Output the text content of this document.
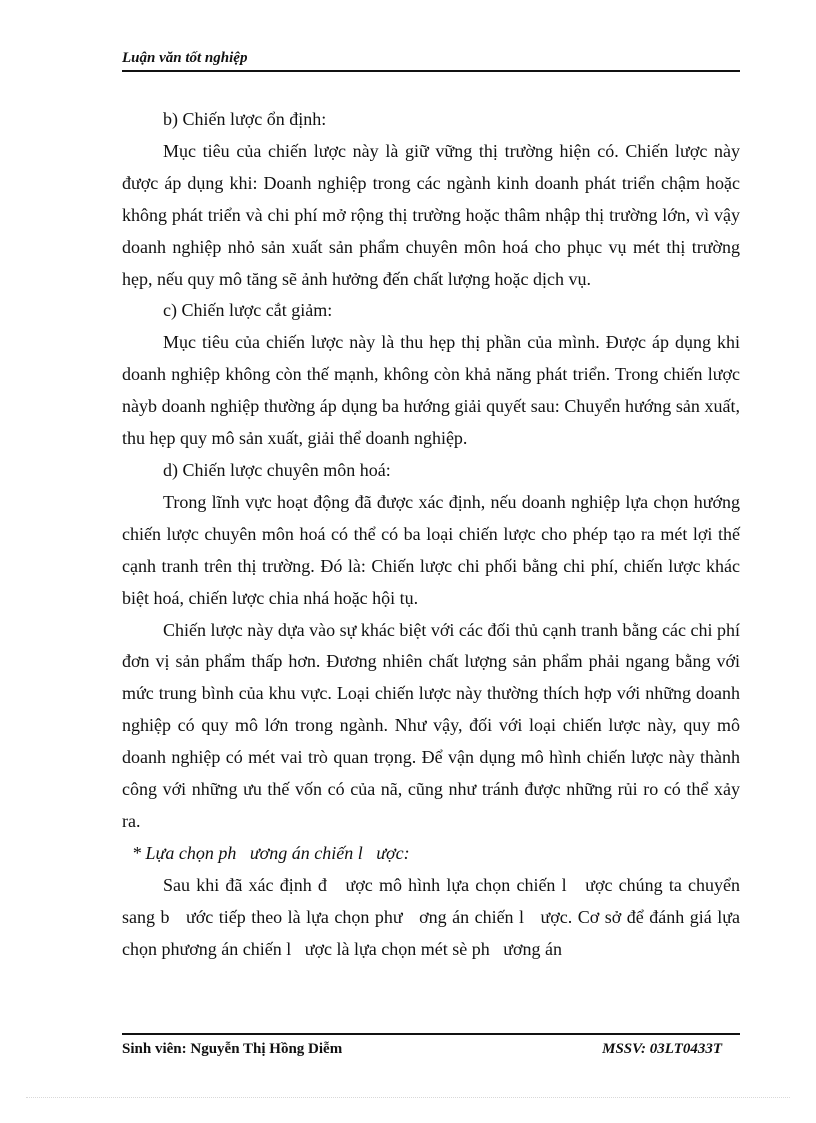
Luận văn tốt nghiệp

b) Chiến lược ổn định:

Mục tiêu của chiến lược này là giữ vững thị trường hiện có. Chiến lược này được áp dụng khi: Doanh nghiệp trong các ngành kinh doanh phát triển chậm hoặc không phát triển và chi phí mở rộng thị trường hoặc thâm nhập thị trường lớn, vì vậy doanh nghiệp nhỏ sản xuất sản phẩm chuyên môn hoá cho phục vụ mét thị trường hẹp, nếu quy mô tăng sẽ ảnh hưởng đến chất lượng hoặc dịch vụ.

c) Chiến lược cắt giảm:

Mục tiêu của chiến lược này là thu hẹp thị phần của mình. Được áp dụng khi doanh nghiệp không còn thế mạnh, không còn khả năng phát triển. Trong chiến lược nàyb doanh nghiệp thường áp dụng ba hướng giải quyết sau: Chuyển hướng sản xuất, thu hẹp quy mô sản xuất, giải thể doanh nghiệp.

d) Chiến lược chuyên môn hoá:

Trong lĩnh vực hoạt động đã được xác định, nếu doanh nghiệp lựa chọn hướng chiến lược chuyên môn hoá có thể có ba loại chiến lược cho phép tạo ra mét lợi thế cạnh tranh trên thị trường. Đó là: Chiến lược chi phối bằng chi phí, chiến lược khác biệt hoá, chiến lược chia nhá hoặc hội tụ.

Chiến lược này dựa vào sự khác biệt với các đối thủ cạnh tranh bằng các chi phí đơn vị sản phẩm thấp hơn. Đương nhiên chất lượng sản phẩm phải ngang bằng với mức trung bình của khu vực. Loại chiến lược này thường thích hợp với những doanh nghiệp có quy mô lớn trong ngành. Như vậy, đối với loại chiến lược này, quy mô doanh nghiệp có mét vai trò quan trọng. Để vận dụng mô hình chiến lược này thành công với những ưu thế vốn có của nã, cũng như tránh được những rủi ro có thể xảy ra.

* Lựa chọn ph   ương án chiến l   ược:

Sau khi đã xác định đ   ược mô hình lựa chọn chiến l   ược chúng ta chuyển sang b   ước tiếp theo là lựa chọn phư   ơng án chiến l   ược. Cơ sở để đánh giá lựa chọn phương án chiến l   ược là lựa chọn mét sè ph   ương án

Sinh viên: Nguyễn Thị Hồng Diễm	MSSV: 03LT0433T
